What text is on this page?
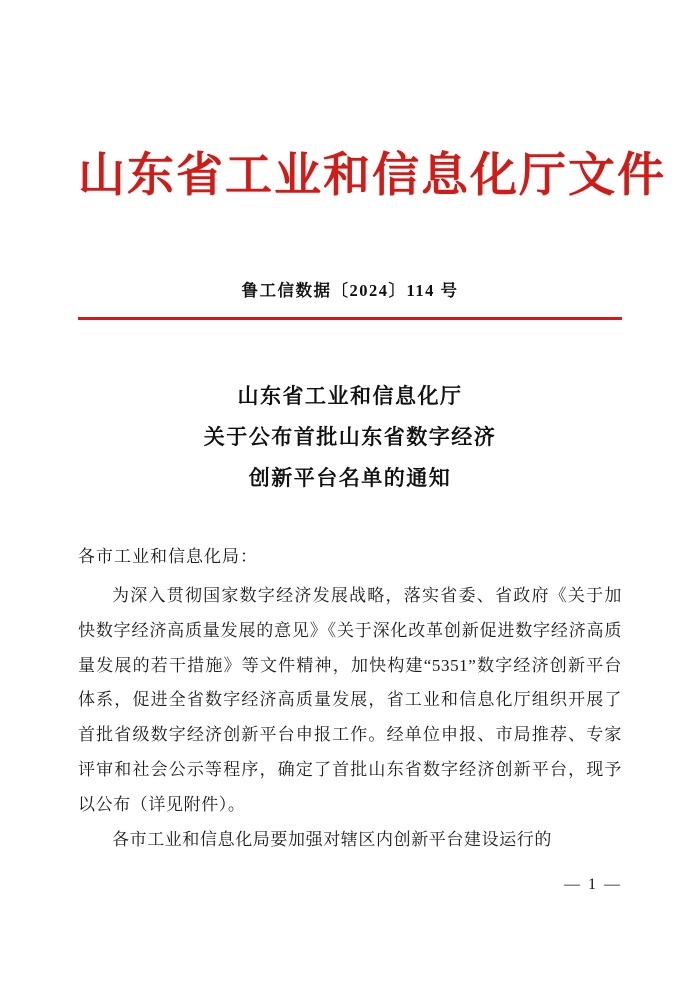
山东省工业和信息化厅文件
鲁工信数据〔2024〕114 号
山东省工业和信息化厅
关于公布首批山东省数字经济
创新平台名单的通知
各市工业和信息化局：

为深入贯彻国家数字经济发展战略，落实省委、省政府《关于加快数字经济高质量发展的意见》《关于深化改革创新促进数字经济高质量发展的若干措施》等文件精神，加快构建“5351”数字经济创新平台体系，促进全省数字经济高质量发展，省工业和信息化厅组织开展了首批省级数字经济创新平台申报工作。经单位申报、市局推荐、专家评审和社会公示等程序，确定了首批山东省数字经济创新平台，现予以公布（详见附件）。

各市工业和信息化局要加强对辖区内创新平台建设运行的

— 1 —
